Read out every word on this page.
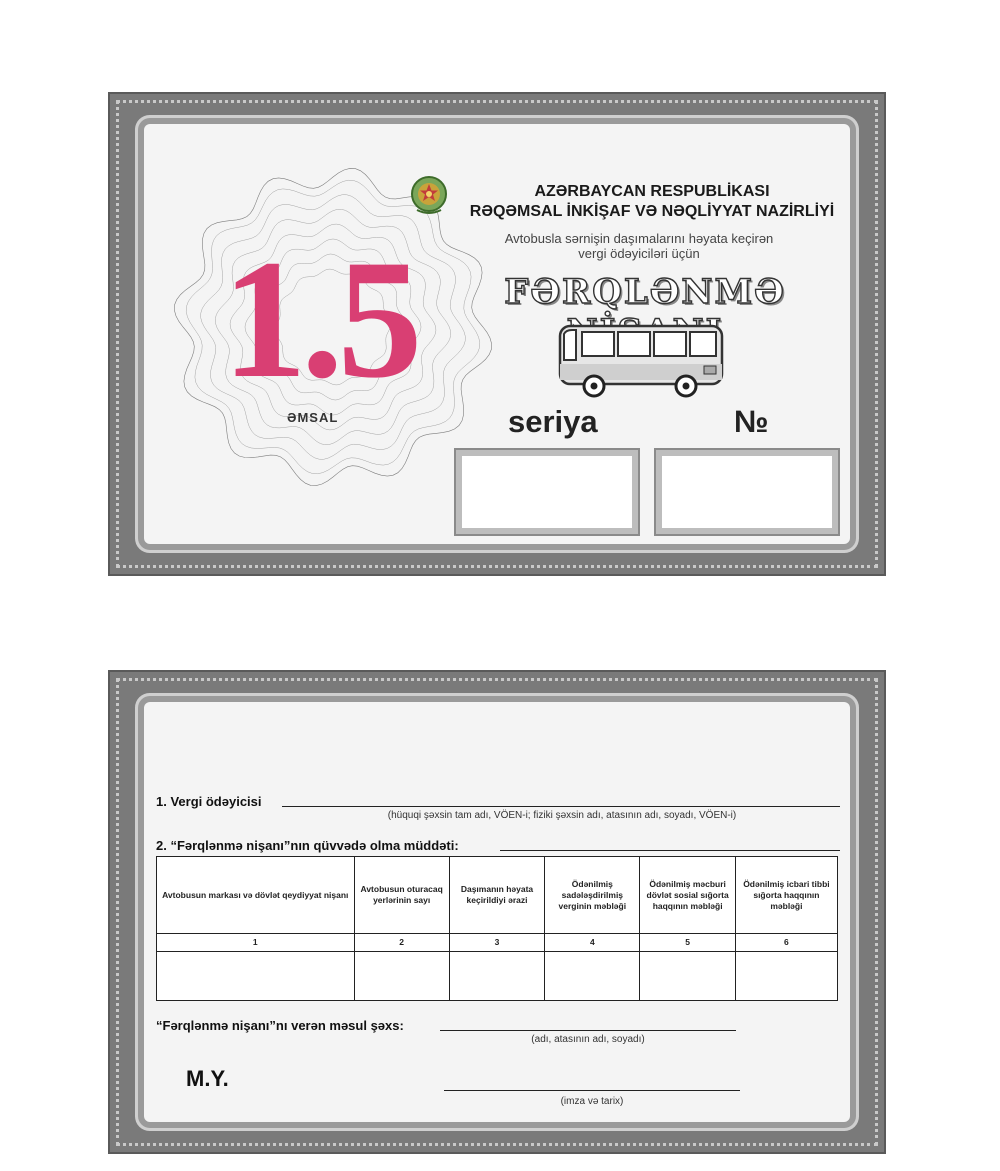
1.5
ƏMSAL
AZƏRBAYCAN RESPUBLİKASI
RƏQƏMSAL İNKİŞAF VƏ NƏQLİYYAT NAZİRLİYİ
Avtobusla sərnişin daşımalarını həyata keçirən
vergi ödəyiciləri üçün
FƏRQLƏNMƏ
seriya	№
1. Vergi ödəyicisi
(hüquqi şəxsin tam adı, VÖEN-i; fiziki şəxsin adı, atasının adı, soyadı, VÖEN-i)
2. “Fərqlənmə nişanı”nın qüvvədə olma müddəti:
Avtobusun markası və dövlət qeydiyyat nişanı	Avtobusun oturacaq yerlərinin sayı	Daşımanın həyata keçirildiyi ərazi	Ödənilmiş sadələşdirilmiş verginin məbləği	Ödənilmiş məcburi dövlət sosial sığorta haqqının məbləği	Ödənilmiş icbari tibbi sığorta haqqının məbləği
1	2	3	4	5	6

“Fərqlənmə nişanı”nı verən məsul şəxs:
(adı, atasının adı, soyadı)
M.Y.
(imza və tarix)
